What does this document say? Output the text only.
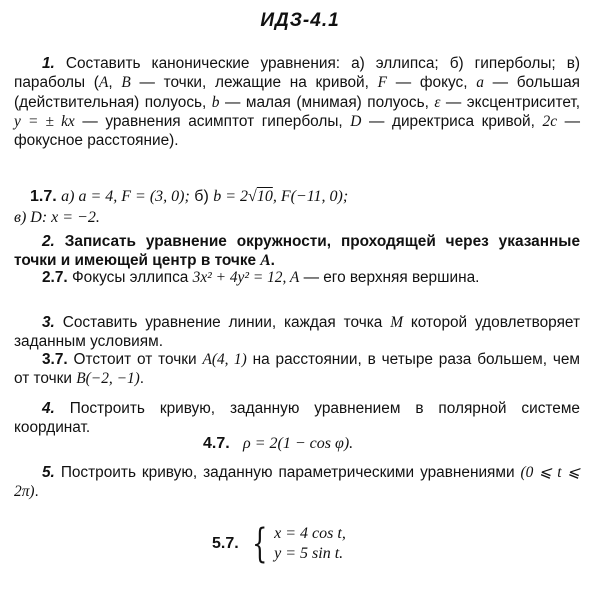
ИДЗ-4.1
1. Составить канонические уравнения: а) эллипса; б) гиперболы; в) параболы (A, B — точки, лежащие на кривой, F — фокус, a — большая (действительная) полуось, b — малая (мнимая) полуось, ε — эксцентриситет, y = ± kx — уравнения асимптот гиперболы, D — директриса кривой, 2c — фокусное расстояние).
1.7. а) a = 4, F = (3, 0); б) b = 2√10, F(−11, 0);
в) D: x = −2.
2. Записать уравнение окружности, проходящей через указанные точки и имеющей центр в точке A.
2.7. Фокусы эллипса 3x² + 4y² = 12, A — его верхняя вершина.
3. Составить уравнение линии, каждая точка M которой удовлетворяет заданным условиям.
3.7. Отстоит от точки A(4, 1) на расстоянии, в четыре раза большем, чем от точки B(−2, −1).
4. Построить кривую, заданную уравнением в полярной системе координат.
4.7. ρ = 2(1 − cos φ).
5. Построить кривую, заданную параметрическими уравнениями (0 ⩽ t ⩽ 2π).
5.7. { x = 4 cos t,
y = 5 sin t.
